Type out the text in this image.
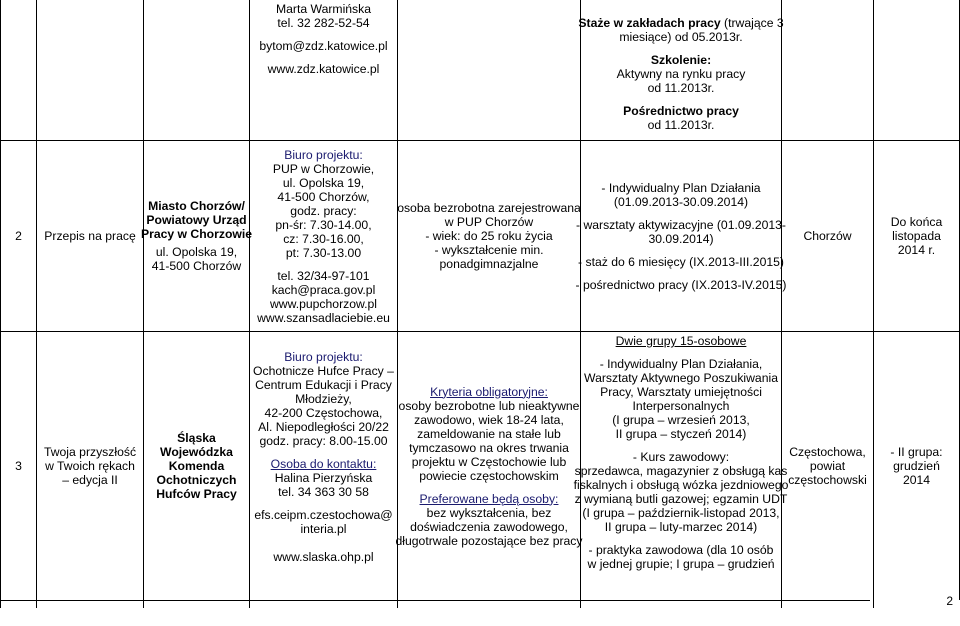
Marta Warmińska
tel. 32 282-52-54
bytom@zdz.katowice.pl
www.zdz.katowice.pl
Staże w zakładach pracy (trwające 3
miesiące) od 05.2013r.
Szkolenie:
Aktywny na rynku pracy
od 11.2013r.
Pośrednictwo pracy
od 11.2013r.
2 Przepis na pracę
Miasto Chorzów/
Powiatowy Urząd
Pracy w Chorzowie
ul. Opolska 19,
41-500 Chorzów
Biuro projektu:
PUP w Chorzowie,
ul. Opolska 19,
41-500 Chorzów,
godz. pracy:
pn-śr: 7.30-14.00,
cz: 7.30-16.00,
pt: 7.30-13.00
tel. 32/34-97-101
kach@praca.gov.pl
www.pupchorzow.pl
www.szansadlaciebie.eu
osoba bezrobotna zarejestrowana
w PUP Chorzów
- wiek: do 25 roku życia
- wykształcenie min.
ponadgimnazjalne
- Indywidualny Plan Działania
(01.09.2013-30.09.2014)
- warsztaty aktywizacyjne (01.09.2013-
30.09.2014)
- staż do 6 miesięcy (IX.2013-III.2015)
- pośrednictwo pracy (IX.2013-IV.2015)
Chorzów
Do końca
listopada
2014 r.
3
Twoja przyszłość
w Twoich rękach
– edycja II
Śląska
Wojewódzka
Komenda
Ochotniczych
Hufców Pracy
Biuro projektu:
Ochotnicze Hufce Pracy –
Centrum Edukacji i Pracy
Młodzieży,
42-200 Częstochowa,
Al. Niepodległości 20/22
godz. pracy: 8.00-15.00
Osoba do kontaktu:
Halina Pierzyńska
tel. 34 363 30 58
efs.ceipm.czestochowa@
interia.pl
www.slaska.ohp.pl
Kryteria obligatoryjne:
osoby bezrobotne lub nieaktywne
zawodowo, wiek 18-24 lata,
zameldowanie na stałe lub
tymczasowo na okres trwania
projektu w Częstochowie lub
powiecie częstochowskim
Preferowane będą osoby:
bez wykształcenia, bez
doświadczenia zawodowego,
długotrwale pozostające bez pracy
Dwie grupy 15-osobowe
- Indywidualny Plan Działania,
Warsztaty Aktywnego Poszukiwania
Pracy, Warsztaty umiejętności
Interpersonalnych
(I grupa – wrzesień 2013,
II grupa – styczeń 2014)
- Kurs zawodowy:
sprzedawca, magazynier z obsługą kas
fiskalnych i obsługą wózka jezdniowego
z wymianą butli gazowej; egzamin UDT
(I grupa – październik-listopad 2013,
II grupa – luty-marzec 2014)
- praktyka zawodowa (dla 10 osób
w jednej grupie; I grupa – grudzień
Częstochowa,
powiat
częstochowski
- II grupa:
grudzień
2014
2
